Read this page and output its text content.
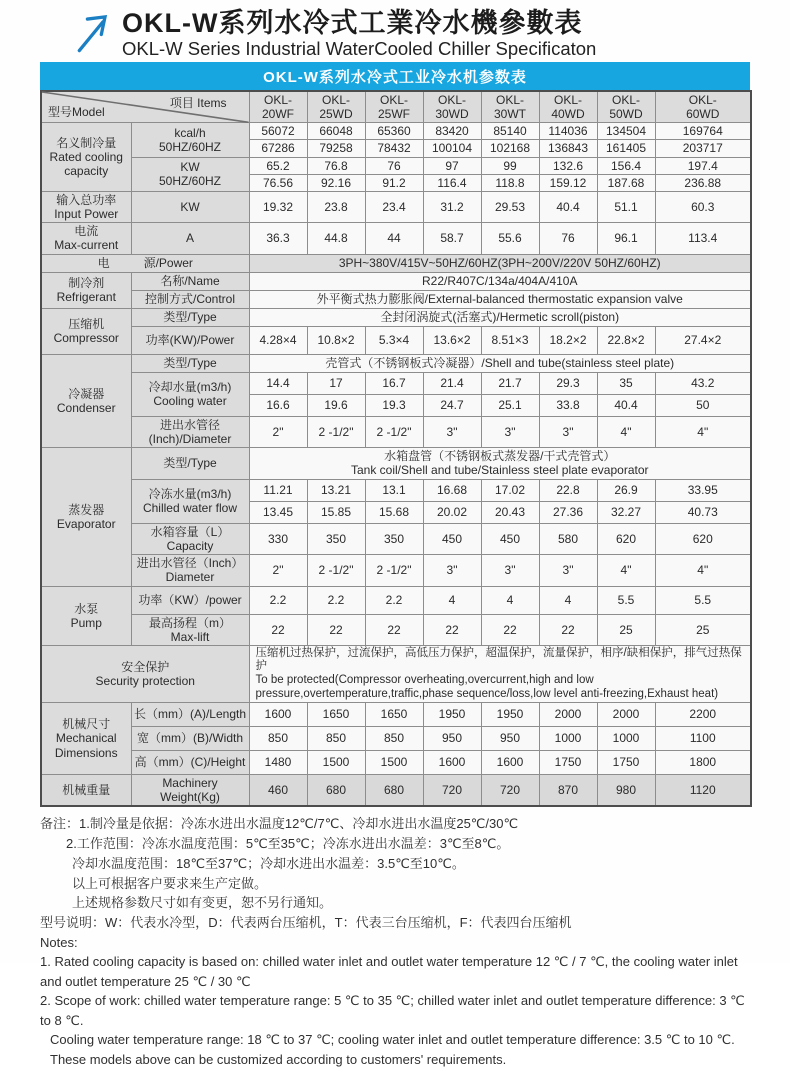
OKL-W系列水冷式工業冷水機參數表
OKL-W Series Industrial WaterCooled Chiller Specificaton
OKL-W系列水冷式工业冷水机参数表
型号Model
项目 Items		OKL-
20WF	OKL-
25WD	OKL-
25WF	OKL-
30WD	OKL-
30WT	OKL-
40WD	OKL-
50WD	OKL-
60WD

名义制冷量
Rated cooling capacity	kcal/h
50HZ/60HZ	56072	66048	65360	83420	85140	114036	134504	169764
		67286	79258	78432	100104	102168	136843	161405	203717
	KW
50HZ/60HZ	65.2	76.8	76	97	99	132.6	156.4	197.4
		76.56	92.16	91.2	116.4	118.8	159.12	187.68	236.88
输入总功率
Input Power	KW	19.32	23.8	23.4	31.2	29.53	40.4	51.1	60.3
电流
Max-current	A	36.3	44.8	44	58.7	55.6	76	96.1	113.4
电 源/Power		3PH~380V/415V~50HZ/60HZ(3PH~200V/220V 50HZ/60HZ)							
制冷剂
Refrigerant	名称/Name	R22/R407C/134a/404A/410A							
	控制方式/Control	外平衡式热力膨胀阀/External-balanced thermostatic expansion valve							
压缩机
Compressor	类型/Type	全封闭涡旋式(活塞式)/Hermetic scroll(piston)							
	功率(KW)/Power	4.28×4	10.8×2	5.3×4	13.6×2	8.51×3	18.2×2	22.8×2	27.4×2
冷凝器
Condenser	类型/Type	壳管式（不锈钢板式冷凝器）/Shell and tube(stainless steel plate)							
	冷却水量(m3/h)
Cooling water	14.4	17	16.7	21.4	21.7	29.3	35	43.2
		16.6	19.6	19.3	24.7	25.1	33.8	40.4	50
	进出水管径
(Inch)/Diameter	2"	2 -1/2"	2 -1/2"	3"	3"	3"	4"	4"
蒸发器
Evaporator	类型/Type	水箱盘管（不锈钢板式蒸发器/干式壳管式）
Tank coil/Shell and tube/Stainless steel plate evaporator							

	冷冻水量(m3/h)
Chilled water flow	11.21	13.21	13.1	16.68	17.02	22.8	26.9	33.95
		13.45	15.85	15.68	20.02	20.43	27.36	32.27	40.73
	水箱容量（L）
Capacity	330	350	350	450	450	580	620	620
	进出水管径（Inch）
Diameter	2"	2 -1/2"	2 -1/2"	3"	3"	3"	4"	4"
水泵
Pump	功率（KW）/power	2.2	2.2	2.2	4	4	4	5.5	5.5
	最高扬程（m）
Max-lift	22	22	22	22	22	22	25	25
安全保护
Security protection		压缩机过热保护，过流保护，高低压力保护，超温保护，流量保护，相序/缺相保护，排气过热保护
To be protected(Compressor overheating,overcurrent,high and low pressure,overtemperature,traffic,phase sequence/loss,low level anti-freezing,Exhaust heat)							

机械尺寸
Mechanical Dimensions	长（mm）(A)/Length	1600	1650	1650	1950	1950	2000	2000	2200
	宽（mm）(B)/Width	850	850	850	950	950	1000	1000	1100
	高（mm）(C)/Height	1480	1500	1500	1600	1600	1750	1750	1800
机械重量	Machinery Weight(Kg)	460	680	680	720	720	870	980	1120

备注：1.制冷量是依据：冷冻水进出水温度12℃/7℃、冷却水进出水温度25℃/30℃

2.工作范围：冷冻水温度范围：5℃至35℃；冷冻水进出水温差：3℃至8℃。

冷却水温度范围：18℃至37℃；冷却水进出水温差：3.5℃至10℃。

以上可根据客户要求来生产定做。

上述规格参数尺寸如有变更，恕不另行通知。

型号说明：W：代表水冷型，D：代表两台压缩机，T：代表三台压缩机，F：代表四台压缩机

Notes:

1. Rated cooling capacity is based on: chilled water inlet and outlet water temperature 12 ℃ / 7 ℃, the cooling water inlet and outlet temperature 25 ℃ / 30 ℃

2. Scope of work: chilled water temperature range: 5 ℃ to 35 ℃; chilled water inlet and outlet temperature difference: 3 ℃ to 8 ℃.

Cooling water temperature range: 18 ℃ to 37 ℃; cooling water inlet and outlet temperature difference: 3.5 ℃ to 10 ℃.

These models above can be customized according to customers' requirements.
